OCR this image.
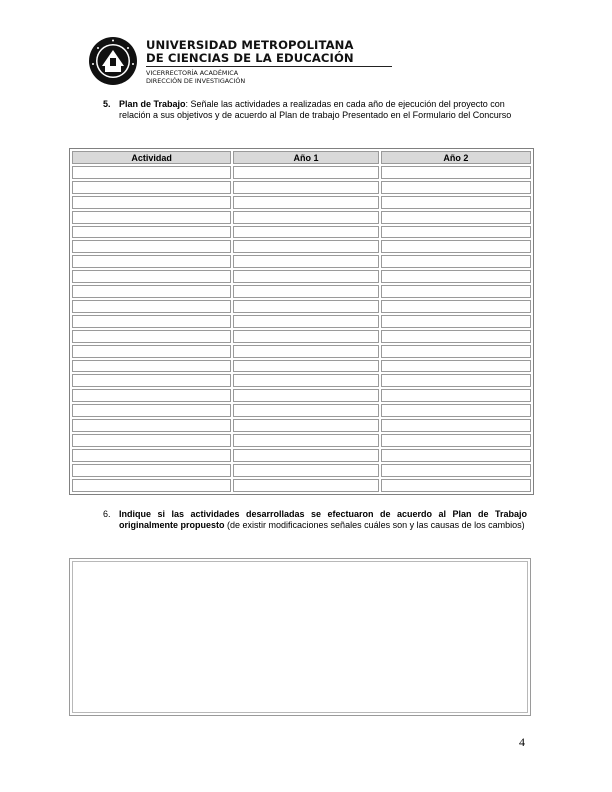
UNIVERSIDAD METROPOLITANA
DE CIENCIAS DE LA EDUCACIÓN
VICERRECTORÍA ACADÉMICA
DIRECCIÓN DE INVESTIGACIÓN
5. Plan de Trabajo: Señale las actividades a realizadas en cada año de ejecución del proyecto con relación a sus objetivos y de acuerdo al Plan de trabajo Presentado en el Formulario del Concurso
Actividad	Año 1	Año 2

6. Indique si las actividades desarrolladas se efectuaron de acuerdo al Plan de Trabajo originalmente propuesto (de existir modificaciones señales cuáles son y las causas de los cambios)
4
